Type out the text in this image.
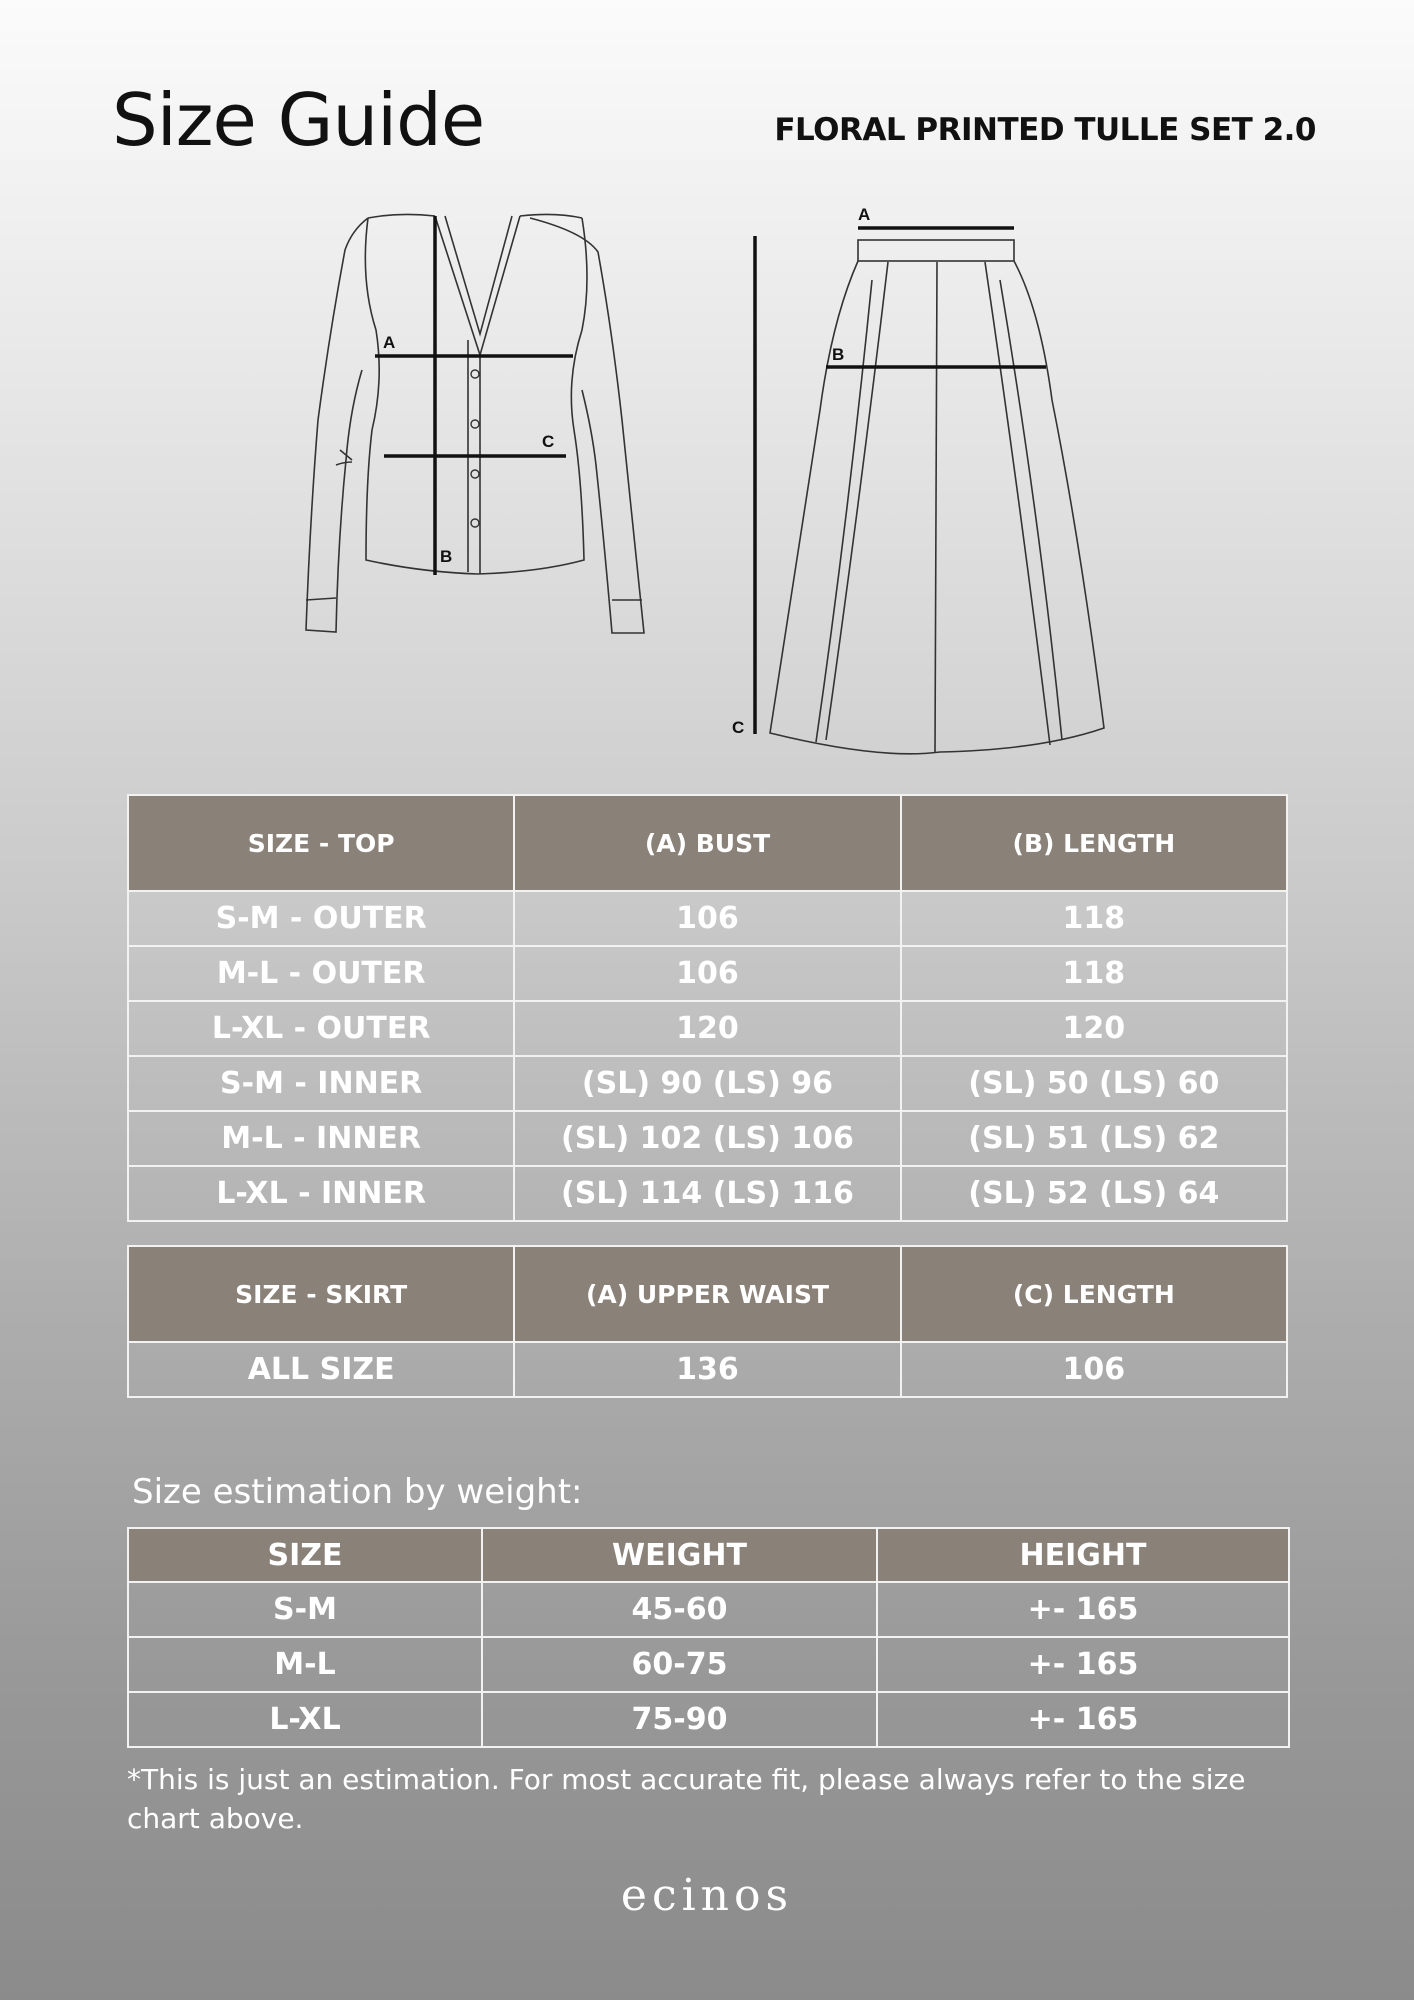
Size Guide	FLORAL PRINTED TULLE SET 2.0
A
B
C
A
B
C
SIZE - TOP	(A) BUST	(B) LENGTH
S-M - OUTER	106	118
M-L - OUTER	106	118
L-XL - OUTER	120	120
S-M - INNER	(SL) 90 (LS) 96	(SL) 50 (LS) 60
M-L - INNER	(SL) 102 (LS) 106	(SL) 51 (LS) 62
L-XL - INNER	(SL) 114 (LS) 116	(SL) 52 (LS) 64
SIZE - SKIRT	(A) UPPER WAIST	(C) LENGTH
ALL SIZE	136	106
Size estimation by weight:
SIZE	WEIGHT	HEIGHT
S-M	45-60	+- 165
M-L	60-75	+- 165
L-XL	75-90	+- 165
*This is just an estimation. For most accurate fit, please always refer to the size chart above.
ecinos
